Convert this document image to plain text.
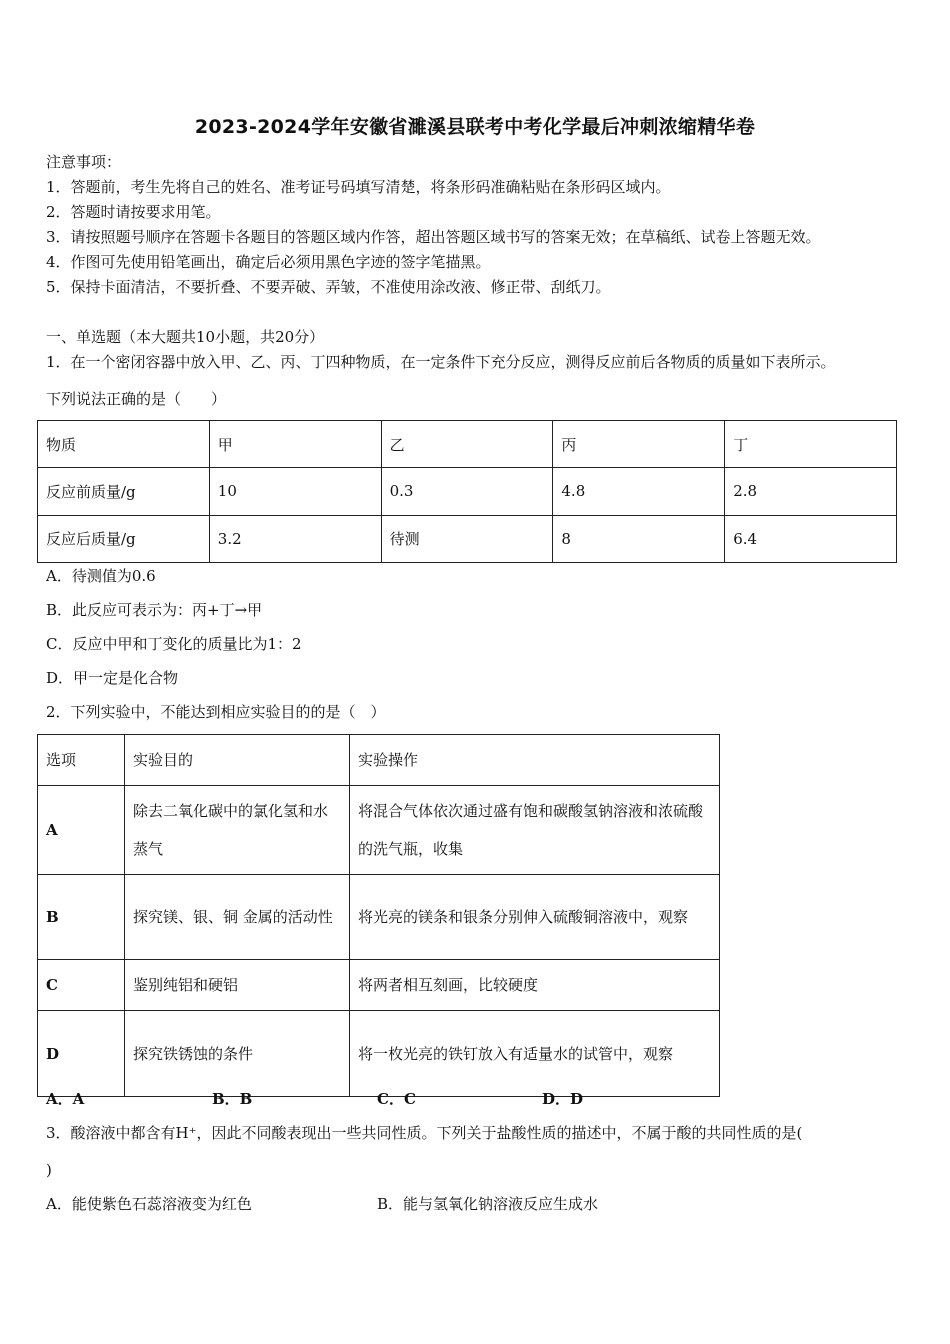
2023-2024学年安徽省濉溪县联考中考化学最后冲刺浓缩精华卷
注意事项：
1．答题前，考生先将自己的姓名、准考证号码填写清楚，将条形码准确粘贴在条形码区域内。
2．答题时请按要求用笔。
3．请按照题号顺序在答题卡各题目的答题区域内作答，超出答题区域书写的答案无效；在草稿纸、试卷上答题无效。
4．作图可先使用铅笔画出，确定后必须用黑色字迹的签字笔描黑。
5．保持卡面清洁，不要折叠、不要弄破、弄皱，不准使用涂改液、修正带、刮纸刀。
一、单选题（本大题共10小题，共20分）
1．在一个密闭容器中放入甲、乙、丙、丁四种物质，在一定条件下充分反应，测得反应前后各物质的质量如下表所示。
下列说法正确的是（　　）
物质	甲	乙	丙	丁
反应前质量/g	10	0.3	4.8	2.8
反应后质量/g	3.2	待测	8	6.4
A．待测值为0.6
B．此反应可表示为：丙+丁→甲
C．反应中甲和丁变化的质量比为1：2
D．甲一定是化合物
2．下列实验中，不能达到相应实验目的的是（　）
选项	实验目的	实验操作
A	除去二氧化碳中的氯化氢和水蒸气	将混合气体依次通过盛有饱和碳酸氢钠溶液和浓硫酸的洗气瓶，收集
B	探究镁、银、铜 金属的活动性	将光亮的镁条和银条分别伸入硫酸铜溶液中，观察
C	鉴别纯铝和硬铝	将两者相互刻画，比较硬度
D	探究铁锈蚀的条件	将一枚光亮的铁钉放入有适量水的试管中，观察
A．A	B．B	C．C	D．D
3．酸溶液中都含有H⁺，因此不同酸表现出一些共同性质。下列关于盐酸性质的描述中，不属于酸的共同性质的是(
)
A．能使紫色石蕊溶液变为红色	B．能与氢氧化钠溶液反应生成水
